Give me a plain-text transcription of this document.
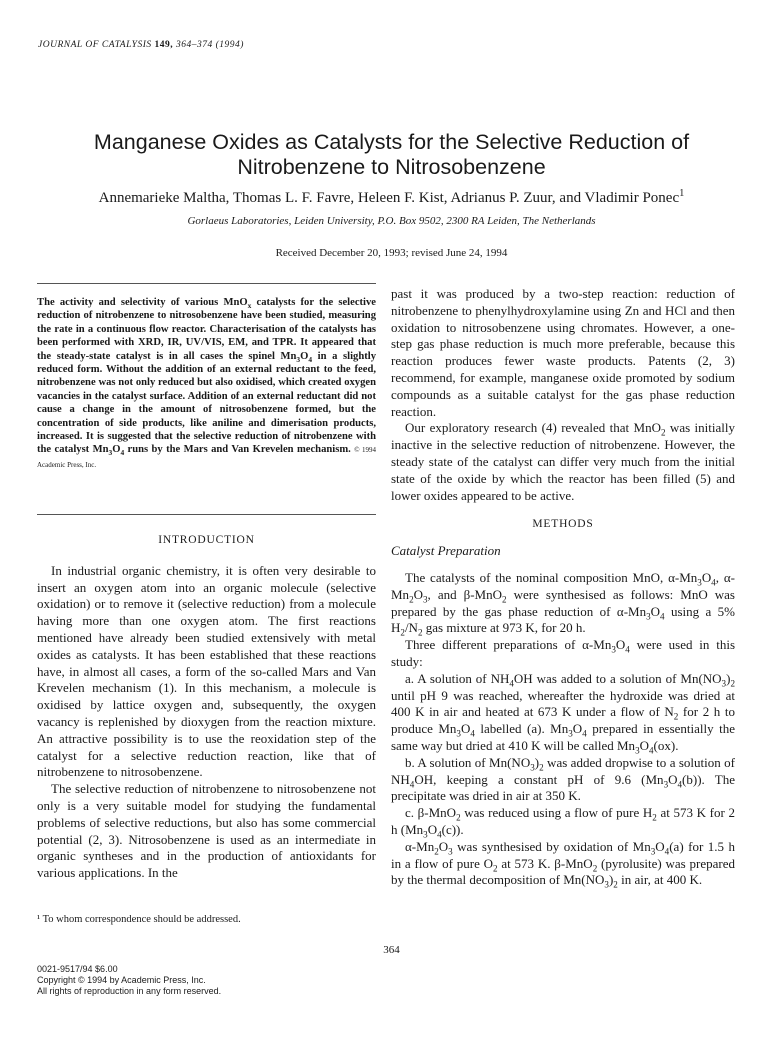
JOURNAL OF CATALYSIS 149, 364–374 (1994)
Manganese Oxides as Catalysts for the Selective Reduction of
Nitrobenzene to Nitrosobenzene
Annemarieke Maltha, Thomas L. F. Favre, Heleen F. Kist, Adrianus P. Zuur, and Vladimir Ponec$^1$
Gorlaeus Laboratories, Leiden University, P.O. Box 9502, 2300 RA Leiden, The Netherlands
Received December 20, 1993; revised June 24, 1994
The activity and selectivity of various MnO$_x$ catalysts for the selective reduction of nitrobenzene to nitrosobenzene have been studied, measuring the rate in a continuous flow reactor. Characterisation of the catalysts has been performed with XRD, IR, UV/VIS, EM, and TPR. It appeared that the steady-state catalyst is in all cases the spinel $Mn_3O_4$ in a slightly reduced form. Without the addition of an external reductant to the feed, nitrobenzene was not only reduced but also oxidised, which created oxygen vacancies in the catalyst surface. Addition of an external reductant did not cause a change in the amount of nitrosobenzene formed, but the concentration of side products, like aniline and dimerisation products, increased. It is suggested that the selective reduction of nitrobenzene with the catalyst $Mn_3O_4$ runs by the Mars and Van Krevelen mechanism. © 1994 Academic Press, Inc.
INTRODUCTION

In industrial organic chemistry, it is often very desirable to insert an oxygen atom into an organic molecule (selective oxidation) or to remove it (selective reduction) from a molecule having more than one oxygen atom. The first reactions mentioned have already been studied extensively with metal oxides as catalysts. It has been established that these reactions have, in almost all cases, a form of the so-called Mars and Van Krevelen mechanism (1). In this mechanism, a molecule is oxidised by lattice oxygen and, subsequently, the oxygen vacancy is replenished by dioxygen from the reaction mixture. An attractive possibility is to use the reoxidation step of the catalyst for a selective reduction reaction, like that of nitrobenzene to nitrosobenzene.

The selective reduction of nitrobenzene to nitrosobenzene not only is a very suitable model for studying the fundamental problems of selective reductions, but also has some commercial potential (2, 3). Nitrosobenzene is used as an intermediate in organic syntheses and in the production of antioxidants for various applications. In the

¹ To whom correspondence should be addressed.
364
0021-9517/94 $6.00
Copyright © 1994 by Academic Press, Inc.
All rights of reproduction in any form reserved.

past it was produced by a two-step reaction: reduction of nitrobenzene to phenylhydroxylamine using Zn and HCl and then oxidation to nitrosobenzene using chromates. However, a one-step gas phase reduction is much more preferable, because this reaction produces fewer waste products. Patents (2, 3) recommend, for example, manganese oxide promoted by sodium compounds as a suitable catalyst for the gas phase reduction reaction.

Our exploratory research (4) revealed that MnO$_2$ was initially inactive in the selective reduction of nitrobenzene. However, the steady state of the catalyst can differ very much from the initial state of the oxide by which the reactor has been filled (5) and lower oxides appeared to be active.

METHODS
Catalyst Preparation

The catalysts of the nominal composition MnO, $\alpha-Mn_3O_4$, $\alpha-Mn_2O_3$, and β-MnO$_2$ were synthesised as follows: MnO was prepared by the gas phase reduction of $\alpha-Mn_3O_4$ using a 5% $H_2/N_2$ gas mixture at 973 K, for 20 h.

Three different preparations of $\alpha-Mn_3O_4$ were used in this study:

a. A solution of $NH_4OH$ was added to a solution of $Mn(NO_3)_2$ until pH 9 was reached, whereafter the hydroxide was dried at 400 K in air and heated at 673 K under a flow of $N_2$ for 2 h to produce $Mn_3O_4$ labelled (a). $Mn_3O_4$ prepared in essentially the same way but dried at 410 K will be called $Mn_3O_4(ox)$.

b. A solution of $Mn(NO_3)_2$ was added dropwise to a solution of $NH_4OH$, keeping a constant pH of 9.6 $(Mn_3O_4(b))$. The precipitate was dried in air at 350 K.

c. β-MnO$_2$ was reduced using a flow of pure $H_2$ at 573 K for 2 h $(Mn_3O_4(c))$.

$\alpha-Mn_2O_3$ was synthesised by oxidation of $Mn_3O_4(a)$ for 1.5 h in a flow of pure $O_2$ at 573 K. β-MnO$_2$ (pyrolusite) was prepared by the thermal decomposition of $Mn(NO_3)_2$ in air, at 400 K.
